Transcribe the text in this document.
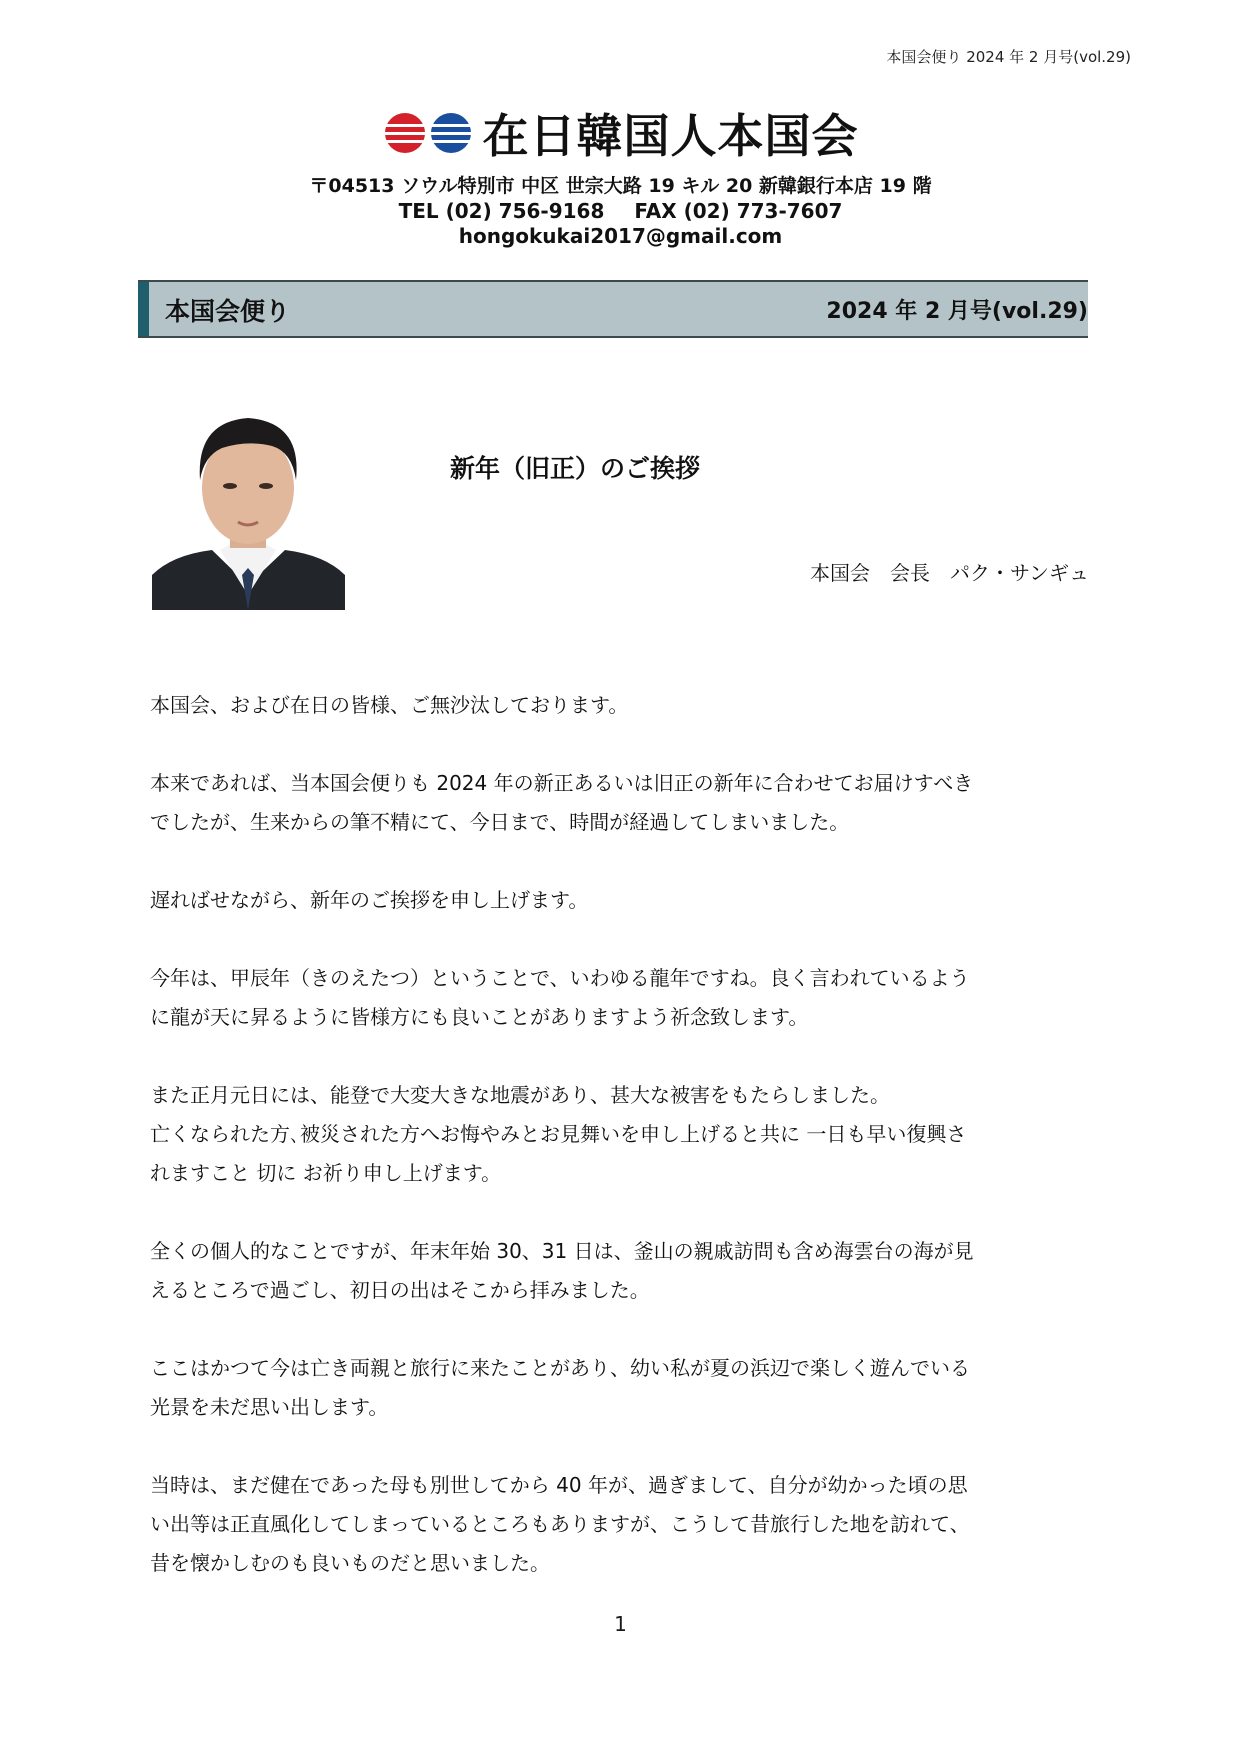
本国会便り 2024 年 2 月号(vol.29)
在日韓国人本国会
〒04513 ソウル特別市 中区 世宗大路 19 キル 20 新韓銀行本店 19 階
TEL (02) 756-9168 FAX (02) 773-7607
hongokukai2017@gmail.com
本国会便り	2024 年 2 月号(vol.29)
新年（旧正）のご挨拶
本国会　会長　パク・サンギュ

本国会、および在日の皆様、ご無沙汰しております。

本来であれば、当本国会便りも 2024 年の新正あるいは旧正の新年に合わせてお届けすべき
でしたが、生来からの筆不精にて、今日まで、時間が経過してしまいました。

遅ればせながら、新年のご挨拶を申し上げます。

今年は、甲辰年（きのえたつ）ということで、いわゆる龍年ですね。良く言われているよう
に龍が天に昇るように皆様方にも良いことがありますよう祈念致します。

また正月元日には、能登で大変大きな地震があり、甚大な被害をもたらしました。
亡くなられた方､被災された方へお悔やみとお見舞いを申し上げると共に 一日も早い復興さ
れますこと 切に お祈り申し上げます。

全くの個人的なことですが、年末年始 30、31 日は、釜山の親戚訪問も含め海雲台の海が見
えるところで過ごし、初日の出はそこから拝みました。

ここはかつて今は亡き両親と旅行に来たことがあり、幼い私が夏の浜辺で楽しく遊んでいる
光景を未だ思い出します。

当時は、まだ健在であった母も別世してから 40 年が、過ぎまして、自分が幼かった頃の思
い出等は正直風化してしまっているところもありますが、こうして昔旅行した地を訪れて、
昔を懐かしむのも良いものだと思いました。

1
